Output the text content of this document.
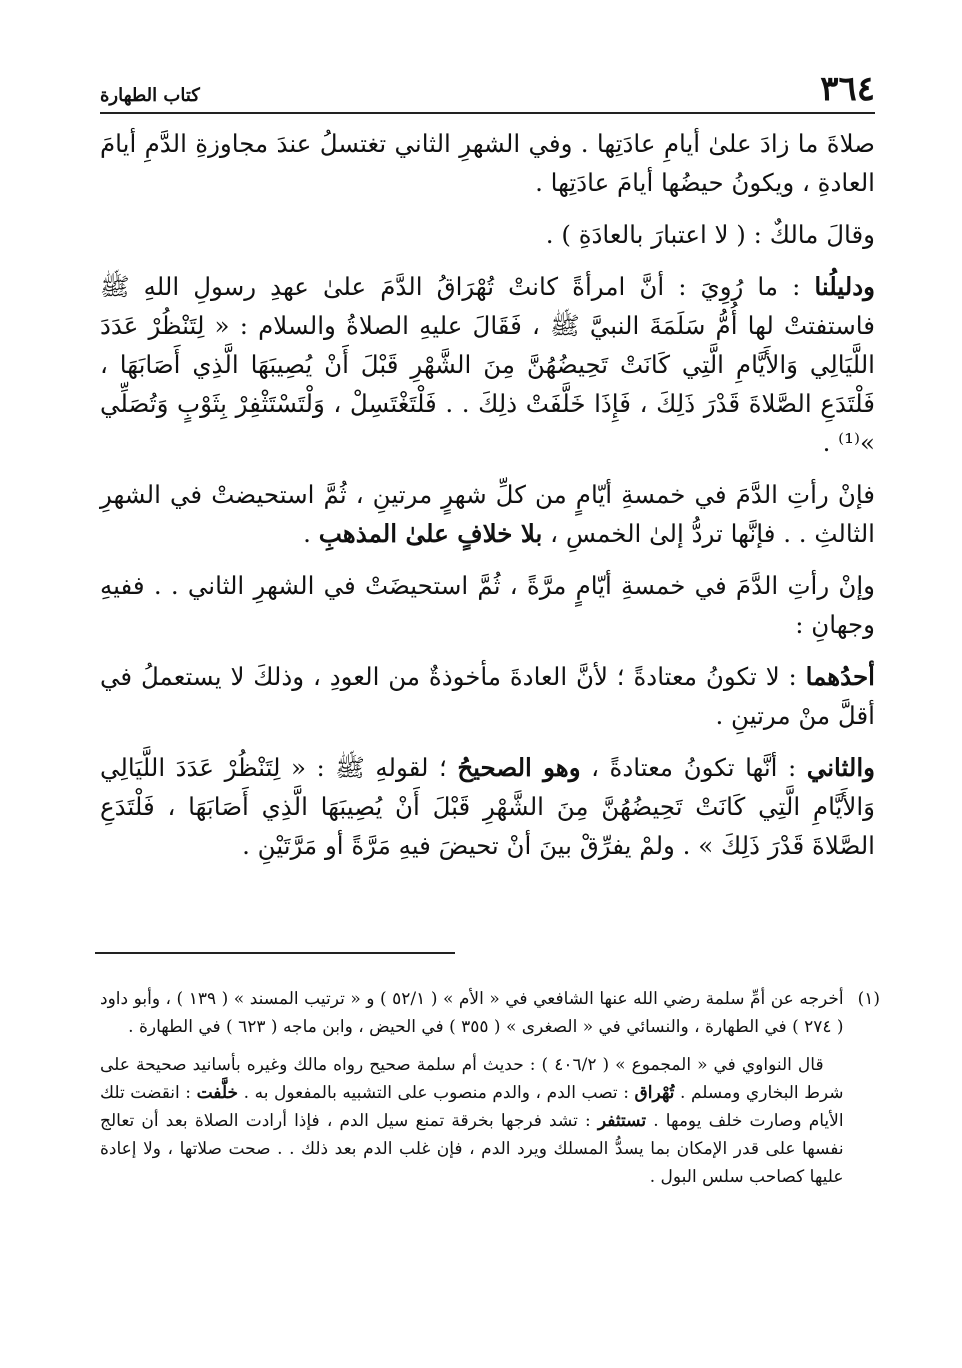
٣٦٤
كتاب الطهارة

صلاةَ ما زادَ علىٰ أيامِ عادَتِها . وفي الشهرِ الثاني تغتسلُ عندَ مجاوزةِ الدَّمِ أيامَ العادةِ ، ويكونُ حيضُها أيامَ عادَتِها .

وقالَ مالكٌ : ( لا اعتبارَ بالعادَةِ ) .

ودليلُنا : ما رُوِيَ : أنَّ امرأةً كانتْ تُهْرَاقُ الدَّمَ علىٰ عهدِ رسولِ اللهِ ﷺ فاستفتتْ لها أُمُّ سَلَمَةَ النبيَّ ﷺ ، فَقَالَ عليهِ الصلاةُ والسلام : « لِتَنْظُرْ عَدَدَ اللَّيَالِي وَالأَيَّامِ الَّتِي كَانَتْ تَحِيضُهُنَّ مِنَ الشَّهْرِ قَبْلَ أَنْ يُصِيبَهَا الَّذِي أَصَابَهَا ، فَلْتَدَعِ الصَّلاةَ قَدْرَ ذَلِكَ ، فَإِذَا خَلَّفَتْ ذلِكَ . . فَلْتَغْتَسِلْ ، وَلْتَسْتَثْفِرْ بِثَوْبٍ وَتُصَلِّي »⁽¹⁾ .

فإنْ رأتِ الدَّمَ في خمسةِ أيّامٍ من كلِّ شهرٍ مرتينِ ، ثُمَّ استحيضتْ في الشهرِ الثالثِ . . فإنَّها تردُّ إلىٰ الخمسِ ، بلا خلافٍ علىٰ المذهبِ .

وإنْ رأتِ الدَّمَ في خمسةِ أيّامٍ مرَّةً ، ثُمَّ استحيضَتْ في الشهرِ الثاني . . ففيهِ وجهانِ :

أحدُهما : لا تكونُ معتادةً ؛ لأنَّ العادةَ مأخوذةٌ من العودِ ، وذلكَ لا يستعملُ في أقلَّ منْ مرتينِ .

والثاني : أنَّها تكونُ معتادةً ، وهو الصحيحُ ؛ لقولهِ ﷺ : « لِتَنْظُرْ عَدَدَ اللَّيَالِي وَالأَيَّامِ الَّتِي كَانَتْ تَحِيضُهُنَّ مِنَ الشَّهْرِ قَبْلَ أَنْ يُصِيبَهَا الَّذِي أَصَابَهَا ، فَلْتَدَعِ الصَّلاةَ قَدْرَ ذَلِكَ » . ولمْ يفرِّقْ بينَ أنْ تحيضَ فيهِ مَرَّةً أو مَرَّتَيْنِ .

(١)
أخرجه عن أمِّ سلمة رضي الله عنها الشافعي في « الأم » ( ٥٢/١ ) و « ترتيب المسند » ( ١٣٩ ) ، وأبو داود ( ٢٧٤ ) في الطهارة ، والنسائي في « الصغرى » ( ٣٥٥ ) في الحيض ، وابن ماجه ( ٦٢٣ ) في الطهارة .

قال النواوي في « المجموع » ( ٤٠٦/٢ ) : حديث أم سلمة صحيح رواه مالك وغيره بأسانيد صحيحة على شرط البخاري ومسلم . تُهْراق : تصب الدم ، والدم منصوب على التشبيه بالمفعول به . خلَّفت : انقضت تلك الأيام وصارت خلف يومها . تستثفر : تشد فرجها بخرقة تمنع سيل الدم ، فإذا أرادت الصلاة بعد أن تعالج نفسها على قدر الإمكان بما يسدُّ المسلك ويرد الدم ، فإن غلب الدم بعد ذلك . . صحت صلاتها ، ولا إعادة عليها كصاحب سلس البول .
